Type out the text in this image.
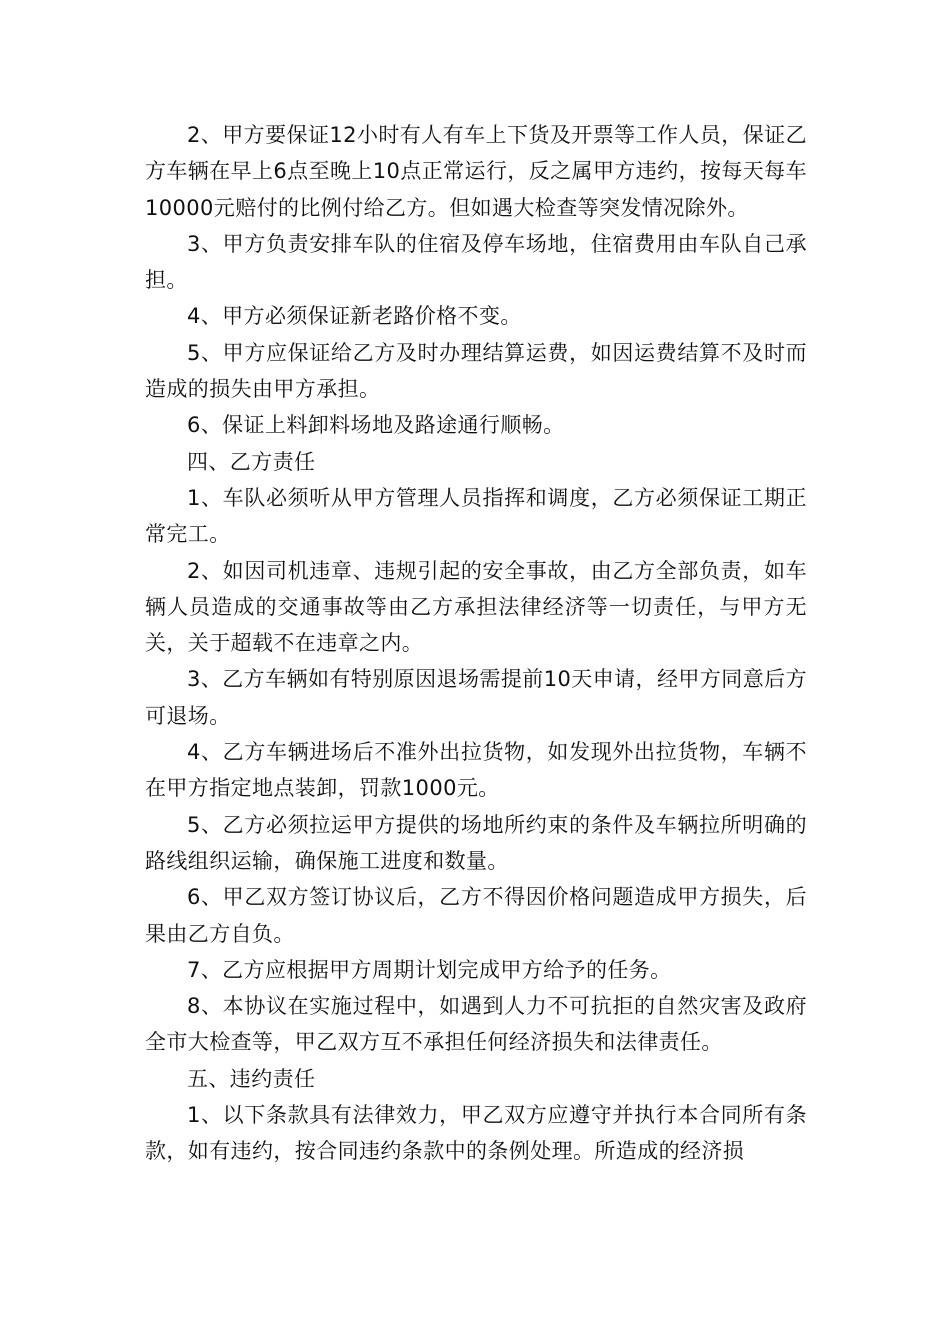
2、甲方要保证12小时有人有车上下货及开票等工作人员，保证乙方车辆在早上6点至晚上10点正常运行，反之属甲方违约，按每天每车10000元赔付的比例付给乙方。但如遇大检查等突发情况除外。

3、甲方负责安排车队的住宿及停车场地，住宿费用由车队自己承担。

4、甲方必须保证新老路价格不变。

5、甲方应保证给乙方及时办理结算运费，如因运费结算不及时而造成的损失由甲方承担。

6、保证上料卸料场地及路途通行顺畅。

四、乙方责任

1、车队必须听从甲方管理人员指挥和调度，乙方必须保证工期正常完工。

2、如因司机违章、违规引起的安全事故，由乙方全部负责，如车辆人员造成的交通事故等由乙方承担法律经济等一切责任，与甲方无关，关于超载不在违章之内。

3、乙方车辆如有特别原因退场需提前10天申请，经甲方同意后方可退场。

4、乙方车辆进场后不准外出拉货物，如发现外出拉货物，车辆不在甲方指定地点装卸，罚款1000元。

5、乙方必须拉运甲方提供的场地所约束的条件及车辆拉所明确的路线组织运输，确保施工进度和数量。

6、甲乙双方签订协议后，乙方不得因价格问题造成甲方损失，后果由乙方自负。

7、乙方应根据甲方周期计划完成甲方给予的任务。

8、本协议在实施过程中，如遇到人力不可抗拒的自然灾害及政府全市大检查等，甲乙双方互不承担任何经济损失和法律责任。

五、违约责任

1、以下条款具有法律效力，甲乙双方应遵守并执行本合同所有条款，如有违约，按合同违约条款中的条例处理。所造成的经济损
